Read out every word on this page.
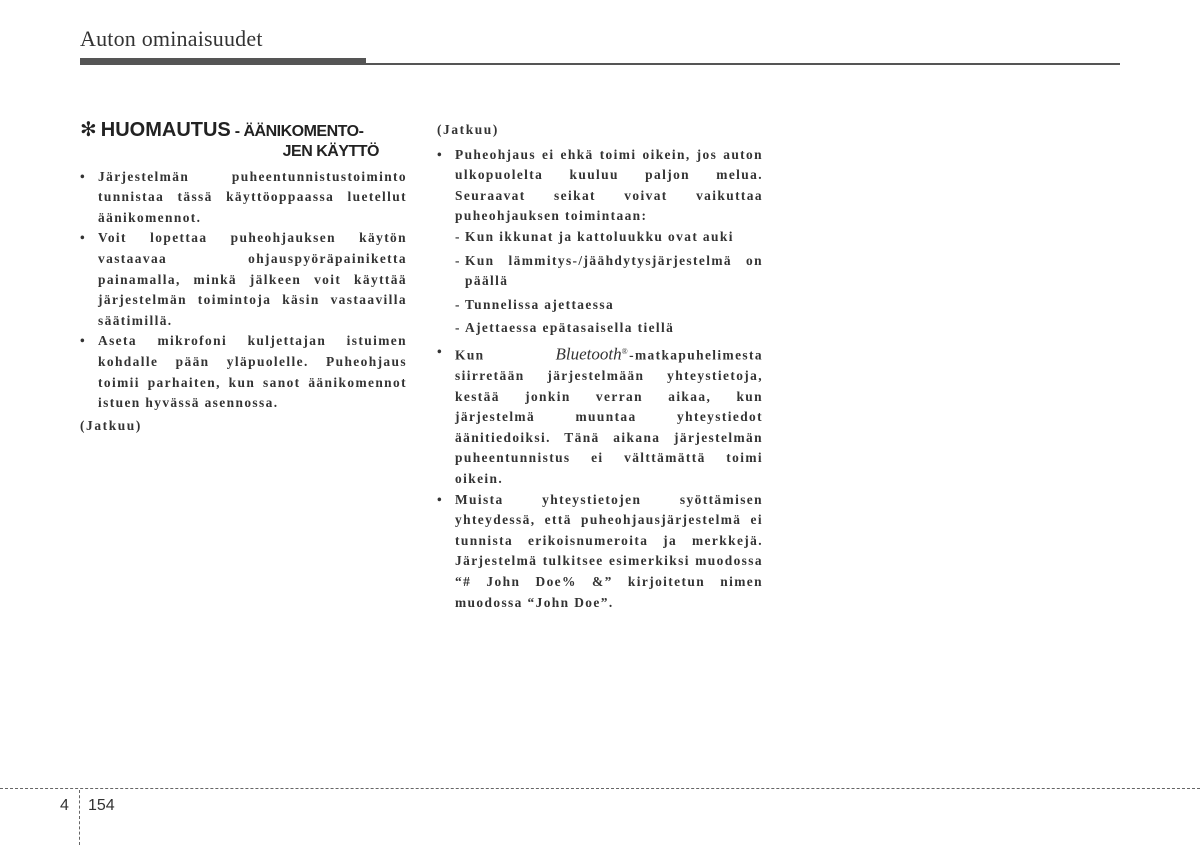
Auton ominaisuudet
✻ HUOMAUTUS - ÄÄNIKOMENTO-
JEN KÄYTTÖ
• Järjestelmän puheentunnistustoiminto tunnistaa tässä käyttöoppaassa luetellut äänikomennot.
• Voit lopettaa puheohjauksen käytön vastaavaa ohjauspyöräpainiketta painamalla, minkä jälkeen voit käyttää järjestelmän toimintoja käsin vastaavilla säätimillä.
• Aseta mikrofoni kuljettajan istuimen kohdalle pään yläpuolelle. Puheohjaus toimii parhaiten, kun sanot äänikomennot istuen hyvässä asennossa.
(Jatkuu)
(Jatkuu)
• Puheohjaus ei ehkä toimi oikein, jos auton ulkopuolelta kuuluu paljon melua. Seuraavat seikat voivat vaikuttaa puheohjauksen toimintaan:
- Kun ikkunat ja kattoluukku ovat auki
- Kun lämmitys-/jäähdytysjärjestelmä on päällä
- Tunnelissa ajettaessa
- Ajettaessa epätasaisella tiellä
• Kun Bluetooth®-matkapuhelimesta siirretään järjestelmään yhteystietoja, kestää jonkin verran aikaa, kun järjestelmä muuntaa yhteystiedot äänitiedoiksi. Tänä aikana järjestelmän puheentunnistus ei välttämättä toimi oikein.
• Muista yhteystietojen syöttämisen yhteydessä, että puheohjausjärjestelmä ei tunnista erikoisnumeroita ja merkkejä. Järjestelmä tulkitsee esimerkiksi muodossa “# John Doe% &” kirjoitetun nimen muodossa “John Doe”.
4 154
